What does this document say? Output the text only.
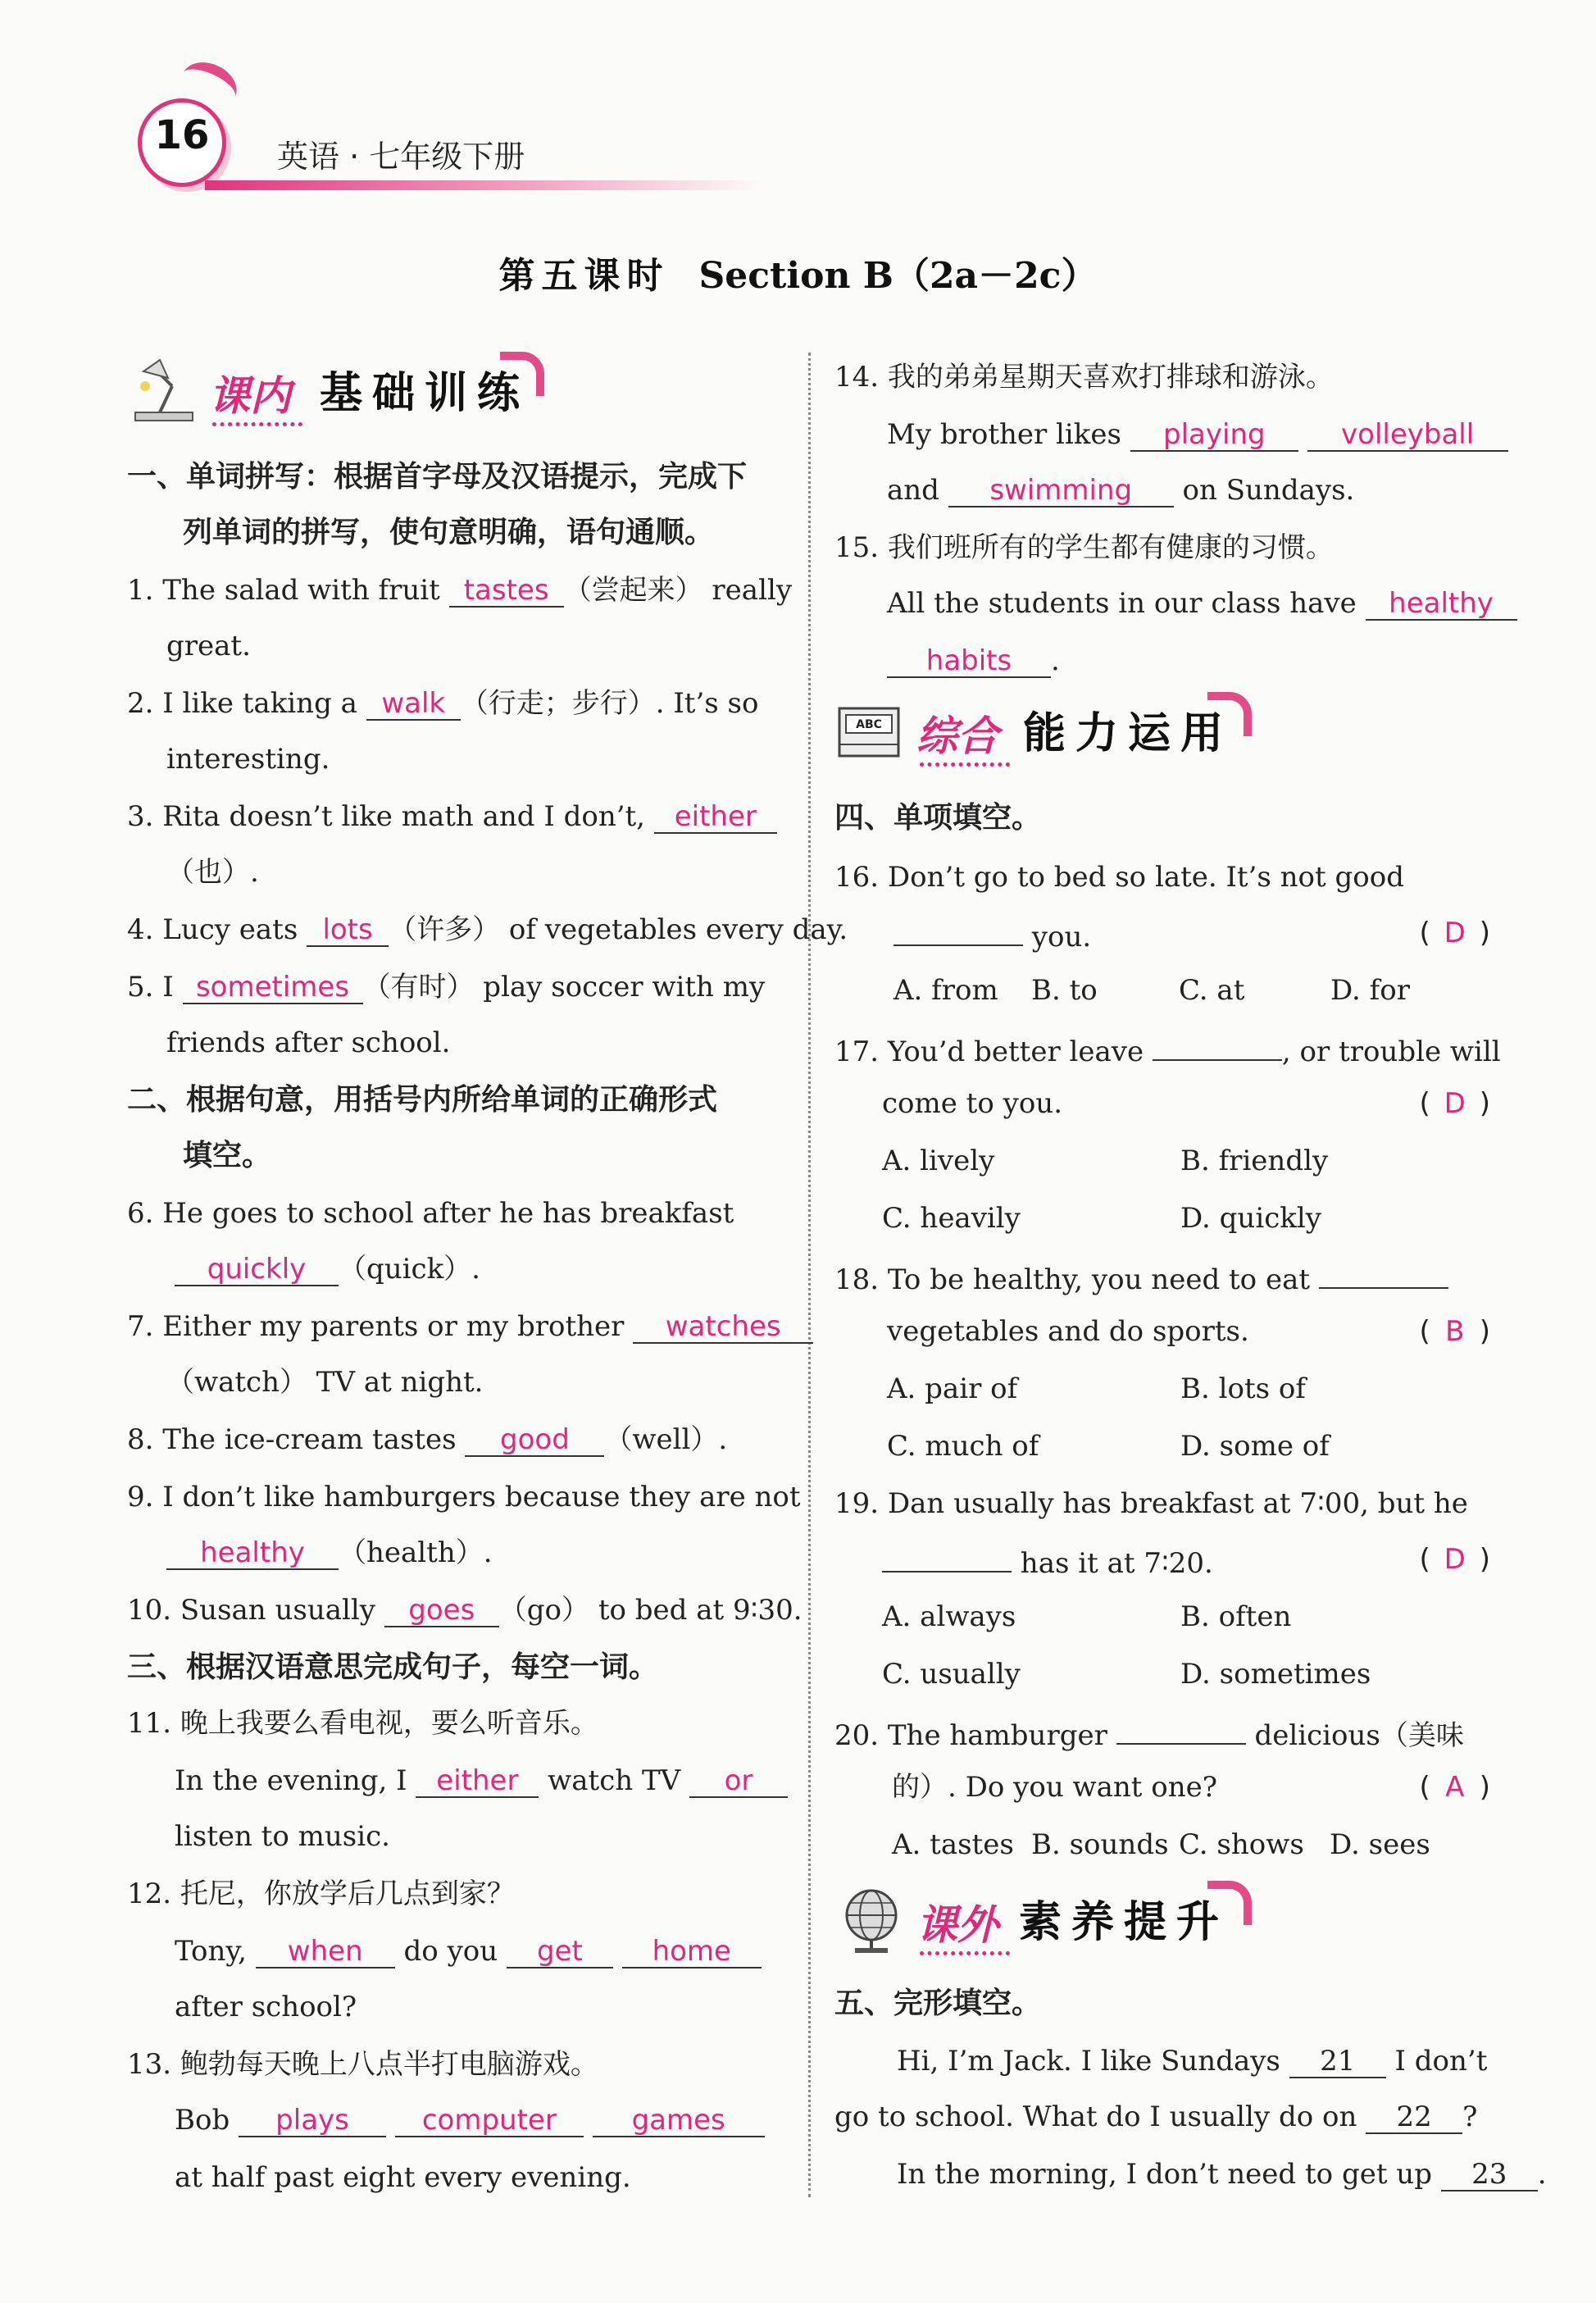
16	英语 · 七年级下册
第五课时 Section B（2a－2c）
课内 基础训练
一、单词拼写：根据首字母及汉语提示，完成下
列单词的拼写，使句意明确，语句通顺。
1. The salad with fruit tastes （尝起来） really
great.
2. I like taking a walk （行走；步行）. It’s so
interesting.
3. Rita doesn’t like math and I don’t, either
（也）.
4. Lucy eats lots （许多） of vegetables every day.
5. I sometimes （有时） play soccer with my
friends after school.
二、根据句意，用括号内所给单词的正确形式
填空。
6. He goes to school after he has breakfast
quickly （quick）.
7. Either my parents or my brother watches
（watch） TV at night.
8. The ice-cream tastes good （well）.
9. I don’t like hamburgers because they are not
healthy （health）.
10. Susan usually goes （go） to bed at 9∶30.
三、根据汉语意思完成句子，每空一词。
11. 晚上我要么看电视，要么听音乐。
In the evening, I either watch TV or
listen to music.
12. 托尼，你放学后几点到家？
Tony, when do you get home
after school?
13. 鲍勃每天晚上八点半打电脑游戏。
Bob plays	computer	games
at half past eight every evening.
14. 我的弟弟星期天喜欢打排球和游泳。
My brother likes playing	volleyball
and swimming on Sundays.
15. 我们班所有的学生都有健康的习惯。
All the students in our class have healthy
habits .
ABC 综合 能力运用
四、单项填空。
16. Don’t go to bed so late. It’s not good
you.	( D )
A. from B. to	C. at	D. for
17. You’d better leave	, or trouble will
come to you.	( D )
A. lively	B. friendly
C. heavily	D. quickly
18. To be healthy, you need to eat
vegetables and do sports.	( B )
A. pair of	B. lots of
C. much of	D. some of
19. Dan usually has breakfast at 7∶00, but he
has it at 7∶20.	( D )
A. always	B. often
C. usually	D. sometimes
20. The hamburger	delicious（美味
的）. Do you want one?	( A )
A. tastes B. sounds C. shows D. sees
课外 素养提升
五、完形填空。
Hi, I’m Jack. I like Sundays 21 I don’t
go to school. What do I usually do on 22 ?
In the morning, I don’t need to get up 23 .
